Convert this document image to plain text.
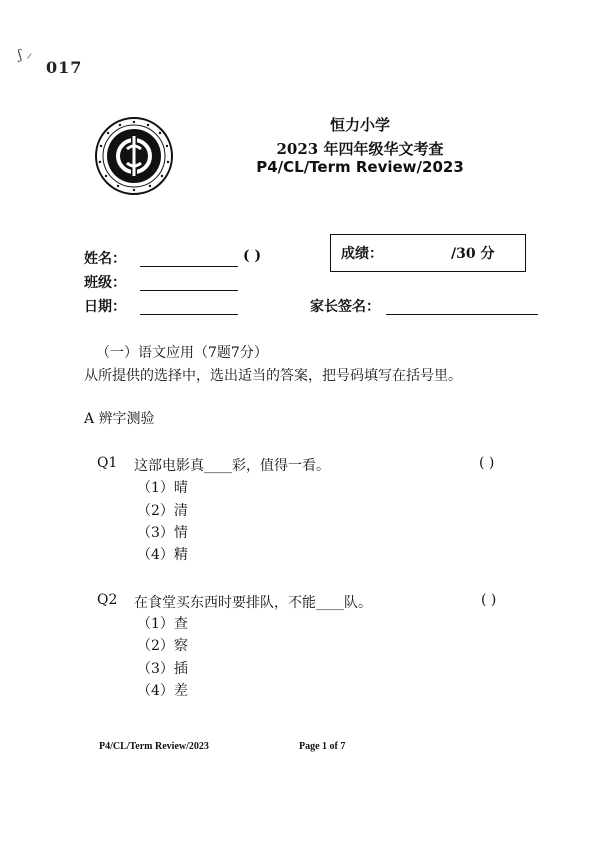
ʃ ⸝
017
恒力小学
2023 年四年级华文考查
P4/CL/Term Review/2023
姓名：	( )	成绩：	/30 分
班级：
日期：	家长签名：
（一）语文应用（7题7分）
从所提供的选择中，选出适当的答案，把号码填写在括号里。
A 辨字测验
Q1 这部电影真____彩，值得一看。	( )
（1）晴
（2）清
（3）情
（4）精
Q2 在食堂买东西时要排队，不能____队。	( )
（1）查
（2）察
（3）插
（4）差
P4/CL/Term Review/2023	Page 1 of 7
